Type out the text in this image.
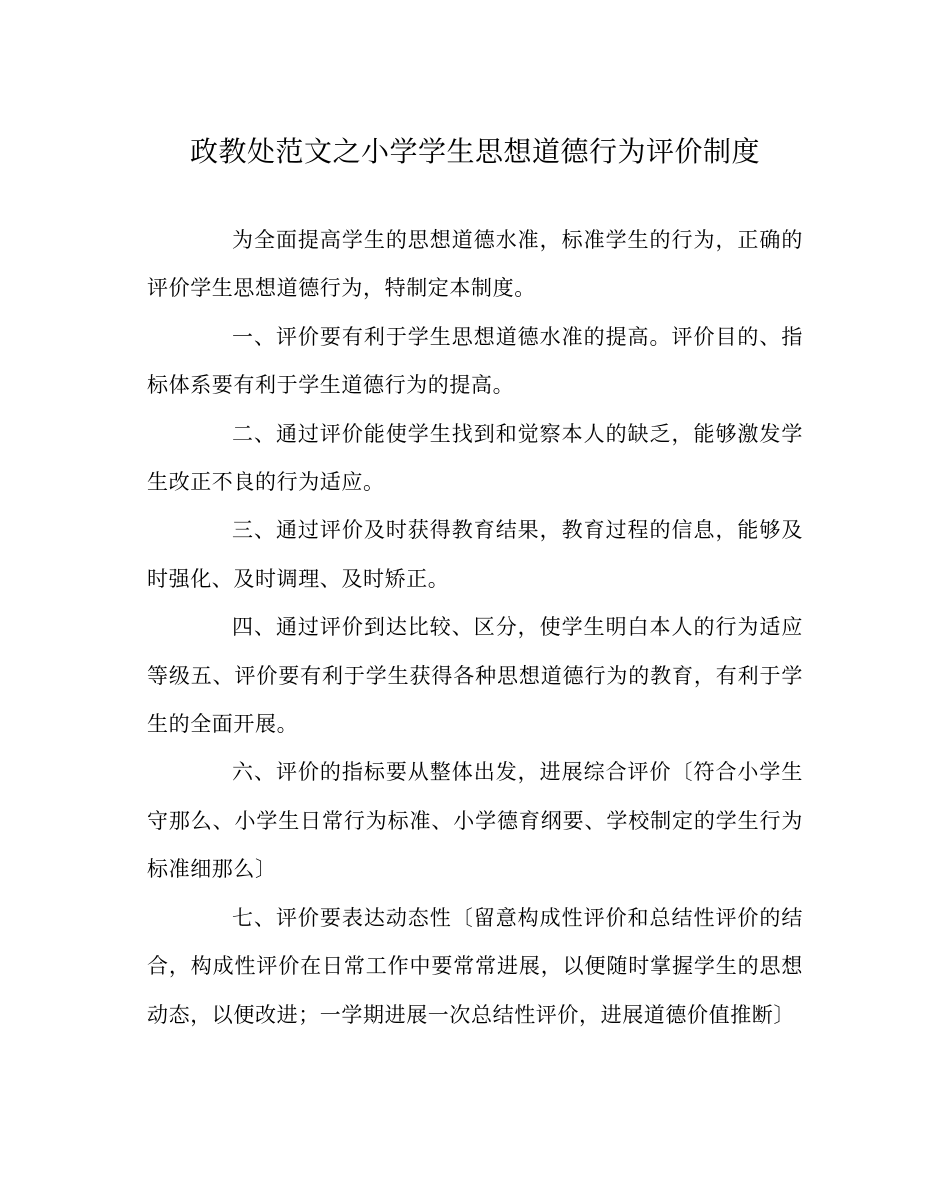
政教处范文之小学学生思想道德行为评价制度

为全面提高学生的思想道德水准，标准学生的行为，正确的评价学生思想道德行为，特制定本制度。

一、评价要有利于学生思想道德水准的提高。评价目的、指标体系要有利于学生道德行为的提高。

二、通过评价能使学生找到和觉察本人的缺乏，能够激发学生改正不良的行为适应。

三、通过评价及时获得教育结果，教育过程的信息，能够及时强化、及时调理、及时矫正。

四、通过评价到达比较、区分，使学生明白本人的行为适应等级五、评价要有利于学生获得各种思想道德行为的教育，有利于学生的全面开展。

六、评价的指标要从整体出发，进展综合评价〔符合小学生守那么、小学生日常行为标准、小学德育纲要、学校制定的学生行为标准细那么〕

七、评价要表达动态性〔留意构成性评价和总结性评价的结合，构成性评价在日常工作中要常常进展，以便随时掌握学生的思想动态，以便改进；一学期进展一次总结性评价，进展道德价值推断〕
